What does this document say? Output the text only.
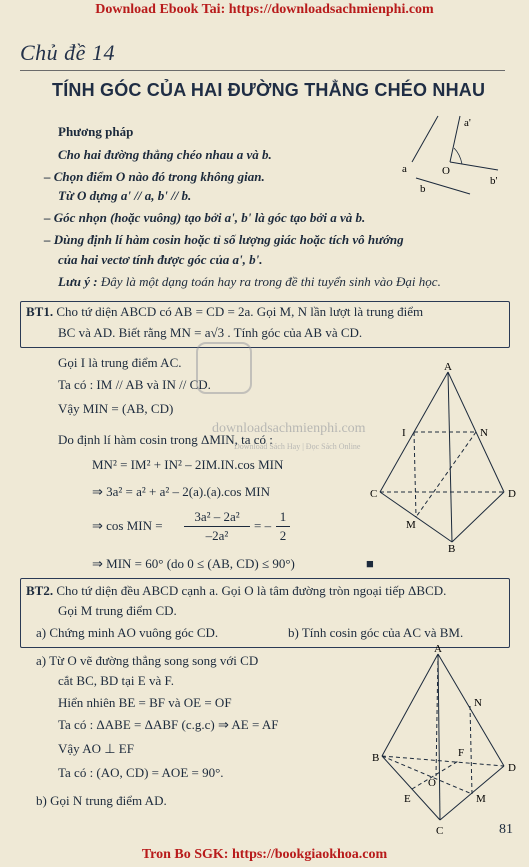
Download Ebook Tai: https://downloadsachmienphi.com
Chủ đề 14
TÍNH GÓC CỦA HAI ĐƯỜNG THẲNG CHÉO NHAU
Phương pháp
Cho hai đường thẳng chéo nhau a và b.
– Chọn điểm O nào đó trong không gian.
Từ O dựng a' // a, b' // b.
– Góc nhọn (hoặc vuông) tạo bởi a', b' là góc tạo bởi a và b.
– Dùng định lí hàm cosin hoặc tỉ số lượng giác hoặc tích vô hướng
của hai vectơ tính được góc của a', b'.
Lưu ý : Đây là một dạng toán hay ra trong đề thi tuyển sinh vào Đại học.
a'
a	O
b
b'
BT1. Cho tứ diện ABCD có AB = CD = 2a. Gọi M, N lần lượt là trung điểm
BC và AD. Biết rằng MN = a√3 . Tính góc của AB và CD.
Gọi I là trung điểm AC.
Ta có : IM // AB và IN // CD.
Vậy MIN = (AB, CD)
Do định lí hàm cosin trong ΔMIN, ta có :
MN² = IM² + IN² – 2IM.IN.cos MIN
⇒ 3a² = a² + a² – 2(a).(a).cos MIN
⇒ cos MIN =
3a² – 2a²
–2a²
= –
1
2
⇒ MIN = 60° (do 0 ≤ (AB, CD) ≤ 90°)	■
downloadsachmienphi.com
Download Sách Hay | Đọc Sách Online
A
I	N
C	D
M
B
BT2. Cho tứ diện đều ABCD cạnh a. Gọi O là tâm đường tròn ngoại tiếp ΔBCD.
Gọi M trung điểm CD.
a) Chứng minh AO vuông góc CD.	b) Tính cosin góc của AC và BM.
a) Từ O vẽ đường thẳng song song với CD
cắt BC, BD tại E và F.
Hiển nhiên BE = BF và OE = OF
Ta có : ΔABE = ΔABF (c.g.c) ⇒ AE = AF
Vậy AO ⊥ EF
Ta có : (AO, CD) = AOE = 90°.
b) Gọi N trung điểm AD.
A
N
B	F
D
O
E	M
C	81
Tron Bo SGK: https://bookgiaokhoa.com
